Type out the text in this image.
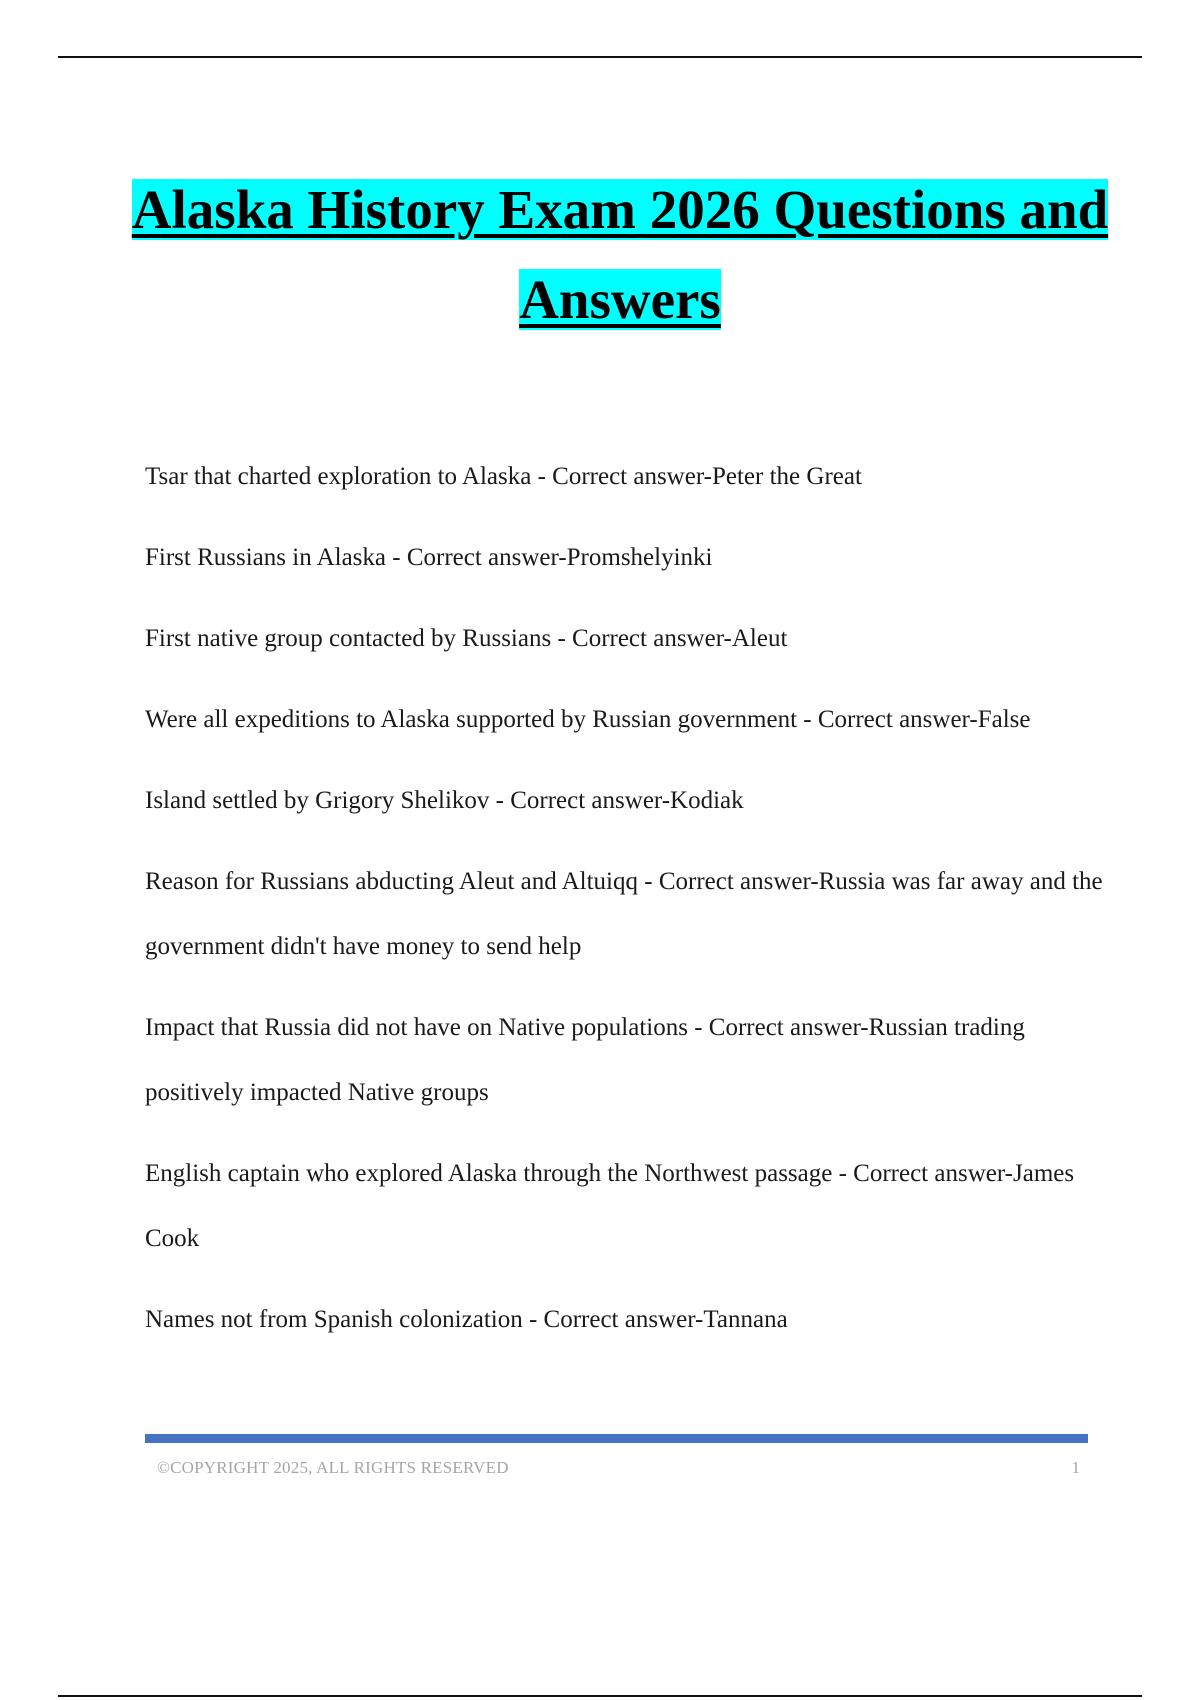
Alaska History Exam 2026 Questions and Answers
Tsar that charted exploration to Alaska - Correct answer-Peter the Great
First Russians in Alaska - Correct answer-Promshelyinki
First native group contacted by Russians - Correct answer-Aleut
Were all expeditions to Alaska supported by Russian government - Correct answer-False
Island settled by Grigory Shelikov - Correct answer-Kodiak
Reason for Russians abducting Aleut and Altuiqq - Correct answer-Russia was far away and the government didn't have money to send help
Impact that Russia did not have on Native populations - Correct answer-Russian trading positively impacted Native groups
English captain who explored Alaska through the Northwest passage - Correct answer-James Cook
Names not from Spanish colonization - Correct answer-Tannana
©COPYRIGHT 2025, ALL RIGHTS RESERVED	1
